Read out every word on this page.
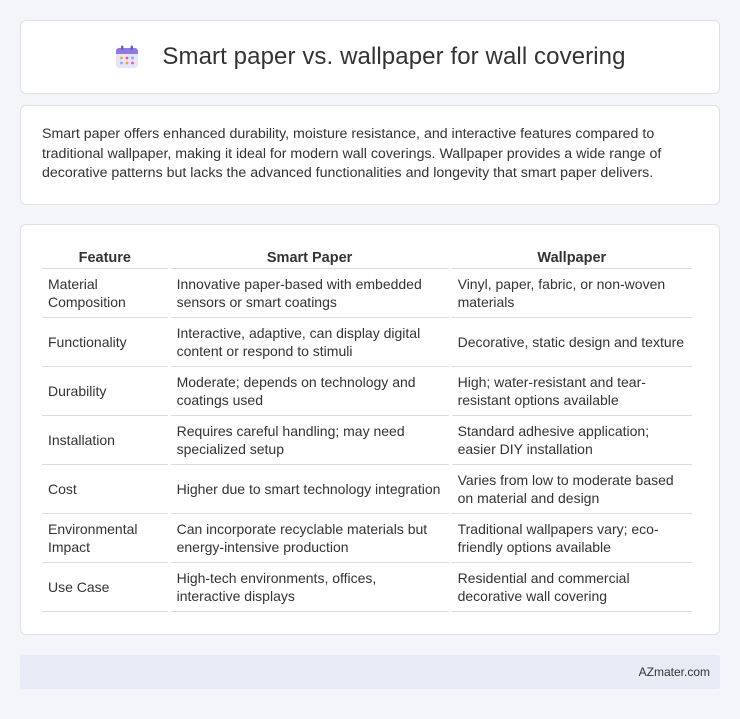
Smart paper vs. wallpaper for wall covering

Smart paper offers enhanced durability, moisture resistance, and interactive features compared to traditional wallpaper, making it ideal for modern wall coverings. Wallpaper provides a wide range of decorative patterns but lacks the advanced functionalities and longevity that smart paper delivers.

Feature	Smart Paper	Wallpaper
Material Composition	Innovative paper-based with embedded sensors or smart coatings	Vinyl, paper, fabric, or non-woven materials
Functionality	Interactive, adaptive, can display digital content or respond to stimuli	Decorative, static design and texture
Durability	Moderate; depends on technology and coatings used	High; water-resistant and tear-resistant options available
Installation	Requires careful handling; may need specialized setup	Standard adhesive application; easier DIY installation
Cost	Higher due to smart technology integration	Varies from low to moderate based on material and design
Environmental Impact	Can incorporate recyclable materials but energy-intensive production	Traditional wallpapers vary; eco-friendly options available
Use Case	High-tech environments, offices, interactive displays	Residential and commercial decorative wall covering
AZmater.com
